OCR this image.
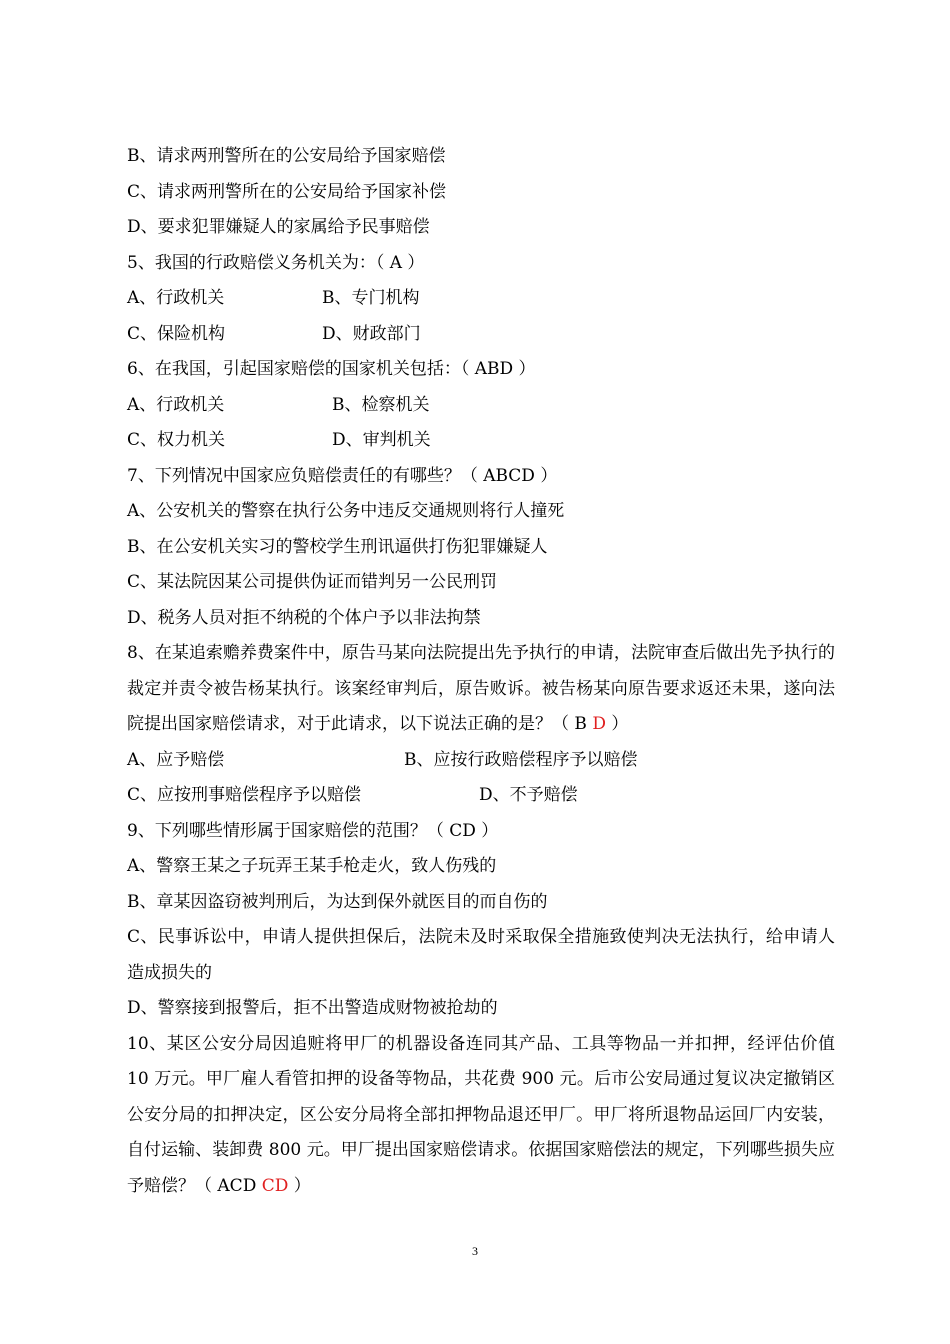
B、请求两刑警所在的公安局给予国家赔偿
C、请求两刑警所在的公安局给予国家补偿
D、要求犯罪嫌疑人的家属给予民事赔偿
5、我国的行政赔偿义务机关为：（ A ）
A、行政机关	B、专门机构
C、保险机构	D、财政部门
6、在我国，引起国家赔偿的国家机关包括：（ ABD ）
A、行政机关	B、检察机关
C、权力机关	D、审判机关
7、下列情况中国家应负赔偿责任的有哪些？（ ABCD ）
A、公安机关的警察在执行公务中违反交通规则将行人撞死
B、在公安机关实习的警校学生刑讯逼供打伤犯罪嫌疑人
C、某法院因某公司提供伪证而错判另一公民刑罚
D、税务人员对拒不纳税的个体户予以非法拘禁
8、在某追索赡养费案件中，原告马某向法院提出先予执行的申请，法院审查后做出先予执行的裁定并责令被告杨某执行。该案经审判后，原告败诉。被告杨某向原告要求返还未果，遂向法院提出国家赔偿请求，对于此请求，以下说法正确的是？（ B D ）
A、应予赔偿	B、应按行政赔偿程序予以赔偿
C、应按刑事赔偿程序予以赔偿	D、不予赔偿
9、下列哪些情形属于国家赔偿的范围？（ CD ）
A、警察王某之子玩弄王某手枪走火，致人伤残的
B、章某因盗窃被判刑后，为达到保外就医目的而自伤的
C、民事诉讼中，申请人提供担保后，法院未及时采取保全措施致使判决无法执行，给申请人造成损失的
D、警察接到报警后，拒不出警造成财物被抢劫的
10、某区公安分局因追赃将甲厂的机器设备连同其产品、工具等物品一并扣押，经评估价值 10 万元。甲厂雇人看管扣押的设备等物品，共花费 900 元。后市公安局通过复议决定撤销区公安分局的扣押决定，区公安分局将全部扣押物品退还甲厂。甲厂将所退物品运回厂内安装，自付运输、装卸费 800 元。甲厂提出国家赔偿请求。依据国家赔偿法的规定，下列哪些损失应予赔偿？（ ACD CD ）
3
